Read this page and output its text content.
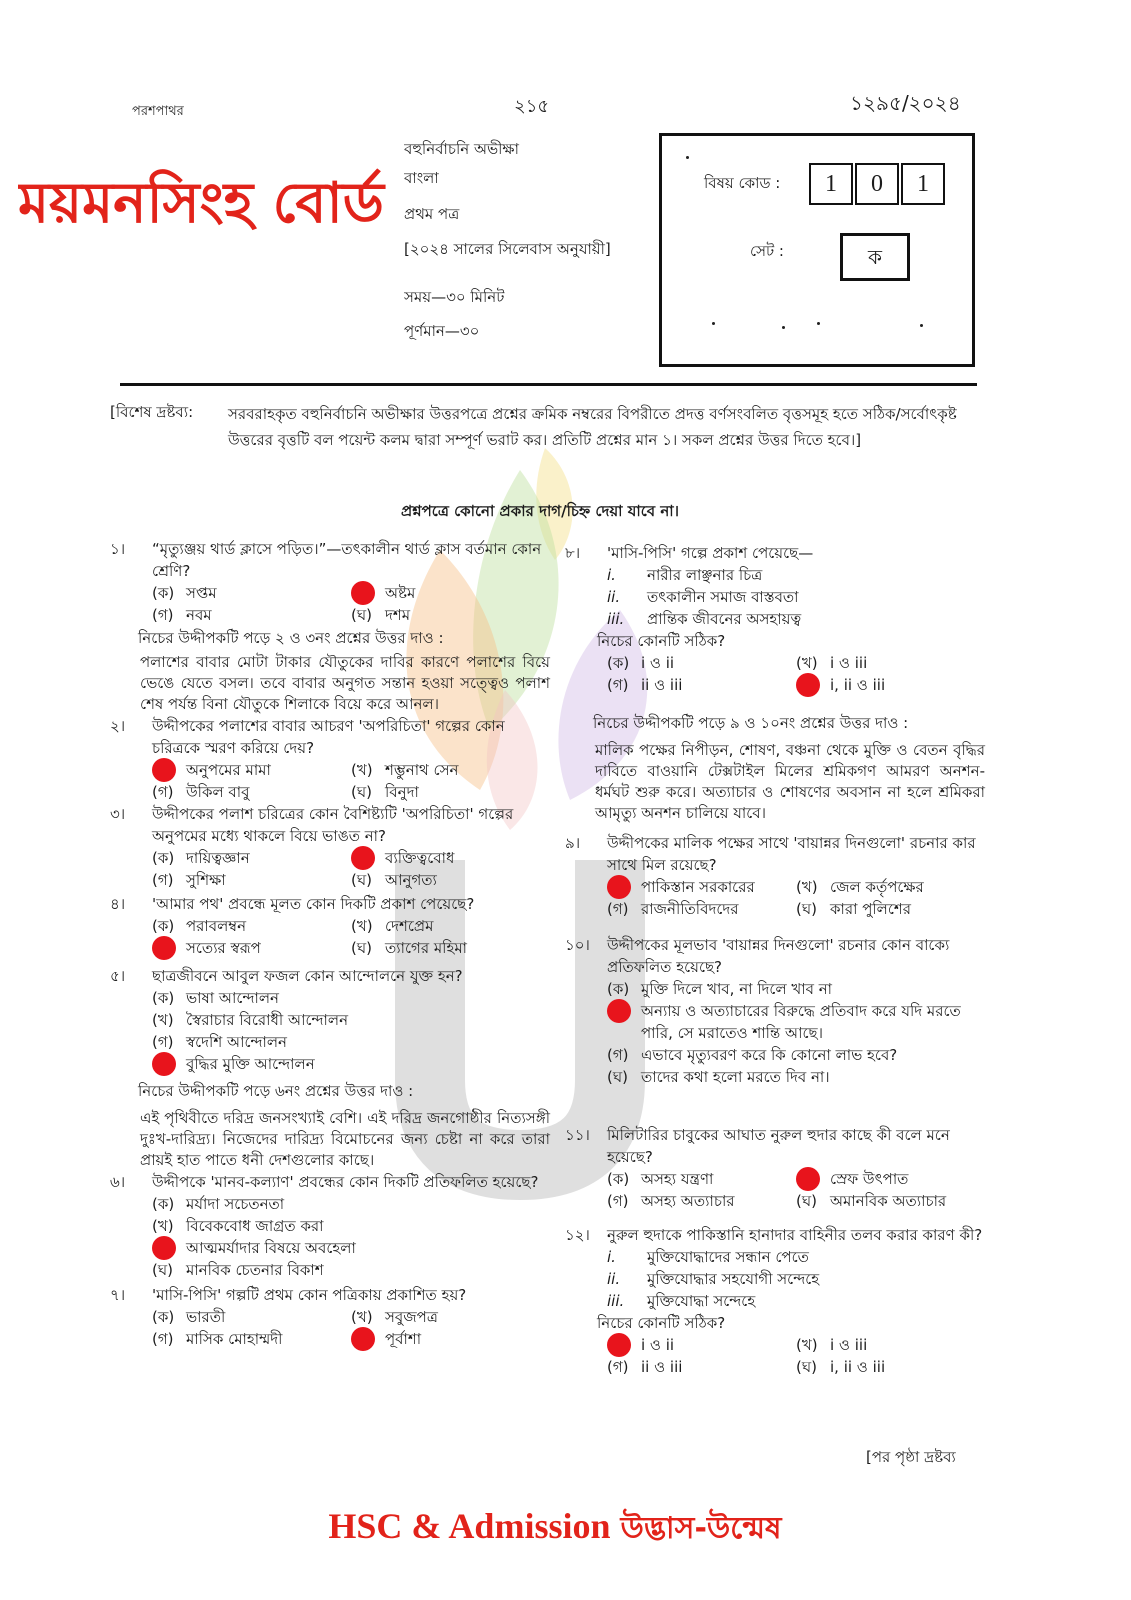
পরশপাথর	২১৫	১২৯৫/২০২৪
ময়মনসিংহ বোর্ড
বহুনির্বাচনি অভীক্ষা
বাংলা
প্রথম পত্র
[২০২৪ সালের সিলেবাস অনুযায়ী]
সময়—৩০ মিনিট
পূর্ণমান—৩০
বিষয় কোড :	1	0	1
সেট :	ক
[বিশেষ দ্রষ্টব্য: সরবরাহকৃত বহুনির্বাচনি অভীক্ষার উত্তরপত্রে প্রশ্নের ক্রমিক নম্বরের বিপরীতে প্রদত্ত বর্ণসংবলিত বৃত্তসমূহ হতে সঠিক/সর্বোৎকৃষ্ট উত্তরের বৃত্তটি বল পয়েন্ট কলম দ্বারা সম্পূর্ণ ভরাট কর। প্রতিটি প্রশ্নের মান ১। সকল প্রশ্নের উত্তর দিতে হবে।]
প্রশ্নপত্রে কোনো প্রকার দাগ/চিহ্ন দেয়া যাবে না।
১।	“মৃত্যুঞ্জয় থার্ড ক্লাসে পড়িত।”—তৎকালীন থার্ড ক্লাস বর্তমান কোন শ্রেণি?
(ক) সপ্তম	অষ্টম
(গ) নবম	(ঘ) দশম
নিচের উদ্দীপকটি পড়ে ২ ও ৩নং প্রশ্নের উত্তর দাও :
পলাশের বাবার মোটা টাকার যৌতুকের দাবির কারণে পলাশের বিয়ে ভেঙে যেতে বসল। তবে বাবার অনুগত সন্তান হওয়া সত্ত্বেও পলাশ শেষ পর্যন্ত বিনা যৌতুকে শিলাকে বিয়ে করে আনল।
২।	উদ্দীপকের পলাশের বাবার আচরণ 'অপরিচিতা' গল্পের কোন চরিত্রকে স্মরণ করিয়ে দেয়?
অনুপমের মামা	(খ) শম্ভুনাথ সেন
(গ) উকিল বাবু	(ঘ) বিনুদা
৩।	উদ্দীপকের পলাশ চরিত্রের কোন বৈশিষ্ট্যটি 'অপরিচিতা' গল্পের অনুপমের মধ্যে থাকলে বিয়ে ভাঙত না?
(ক) দায়িত্বজ্ঞান	ব্যক্তিত্ববোধ
(গ) সুশিক্ষা	(ঘ) আনুগত্য
৪।	'আমার পথ' প্রবন্ধে মূলত কোন দিকটি প্রকাশ পেয়েছে?
(ক) পরাবলম্বন	(খ) দেশপ্রেম
সত্যের স্বরূপ	(ঘ) ত্যাগের মহিমা
৫।	ছাত্রজীবনে আবুল ফজল কোন আন্দোলনে যুক্ত হন?
(ক) ভাষা আন্দোলন
(খ) স্বৈরাচার বিরোধী আন্দোলন
(গ) স্বদেশি আন্দোলন
বুদ্ধির মুক্তি আন্দোলন
নিচের উদ্দীপকটি পড়ে ৬নং প্রশ্নের উত্তর দাও :
এই পৃথিবীতে দরিদ্র জনসংখ্যাই বেশি। এই দরিদ্র জনগোষ্ঠীর নিত্যসঙ্গী দুঃখ-দারিদ্র্য। নিজেদের দারিদ্র্য বিমোচনের জন্য চেষ্টা না করে তারা প্রায়ই হাত পাতে ধনী দেশগুলোর কাছে।
৬।	উদ্দীপকে 'মানব-কল্যাণ' প্রবন্ধের কোন দিকটি প্রতিফলিত হয়েছে?
(ক) মর্যাদা সচেতনতা
(খ) বিবেকবোধ জাগ্রত করা
আত্মমর্যাদার বিষয়ে অবহেলা
(ঘ) মানবিক চেতনার বিকাশ
৭।	'মাসি-পিসি' গল্পটি প্রথম কোন পত্রিকায় প্রকাশিত হয়?
(ক) ভারতী	(খ) সবুজপত্র
(গ) মাসিক মোহাম্মদী	পূর্বাশা
৮।	'মাসি-পিসি' গল্পে প্রকাশ পেয়েছে—
i.	নারীর লাঞ্ছনার চিত্র
ii.	তৎকালীন সমাজ বাস্তবতা
iii.	প্রান্তিক জীবনের অসহায়ত্ব
নিচের কোনটি সঠিক?
(ক) i ও ii	(খ) i ও iii
(গ) ii ও iii	i, ii ও iii
নিচের উদ্দীপকটি পড়ে ৯ ও ১০নং প্রশ্নের উত্তর দাও :
মালিক পক্ষের নিপীড়ন, শোষণ, বঞ্চনা থেকে মুক্তি ও বেতন বৃদ্ধির দাবিতে বাওয়ানি টেক্সটাইল মিলের শ্রমিকগণ আমরণ অনশন-ধর্মঘট শুরু করে। অত্যাচার ও শোষণের অবসান না হলে শ্রমিকরা আমৃত্যু অনশন চালিয়ে যাবে।
৯।	উদ্দীপকের মালিক পক্ষের সাথে 'বায়ান্নর দিনগুলো' রচনার কার সাথে মিল রয়েছে?
পাকিস্তান সরকারের	(খ) জেল কর্তৃপক্ষের
(গ) রাজনীতিবিদদের	(ঘ) কারা পুলিশের
১০।	উদ্দীপকের মূলভাব 'বায়ান্নর দিনগুলো' রচনার কোন বাক্যে প্রতিফলিত হয়েছে?
(ক) মুক্তি দিলে খাব, না দিলে খাব না
অন্যায় ও অত্যাচারের বিরুদ্ধে প্রতিবাদ করে যদি মরতে পারি, সে মরাতেও শান্তি আছে।
(গ) এভাবে মৃত্যুবরণ করে কি কোনো লাভ হবে?
(ঘ) তাদের কথা হলো মরতে দিব না।
১১।	মিলিটারির চাবুকের আঘাত নুরুল হুদার কাছে কী বলে মনে হয়েছে?
(ক) অসহ্য যন্ত্রণা	স্রেফ উৎপাত
(গ) অসহ্য অত্যাচার	(ঘ) অমানবিক অত্যাচার
১২।	নুরুল হুদাকে পাকিস্তানি হানাদার বাহিনীর তলব করার কারণ কী?
i.	মুক্তিযোদ্ধাদের সন্ধান পেতে
ii.	মুক্তিযোদ্ধার সহযোগী সন্দেহে
iii.	মুক্তিযোদ্ধা সন্দেহে
নিচের কোনটি সঠিক?
i ও ii	(খ) i ও iii
(গ) ii ও iii	(ঘ) i, ii ও iii
[পর পৃষ্ঠা দ্রষ্টব্য
HSC & Admission উদ্ভাস-উন্মেষ
